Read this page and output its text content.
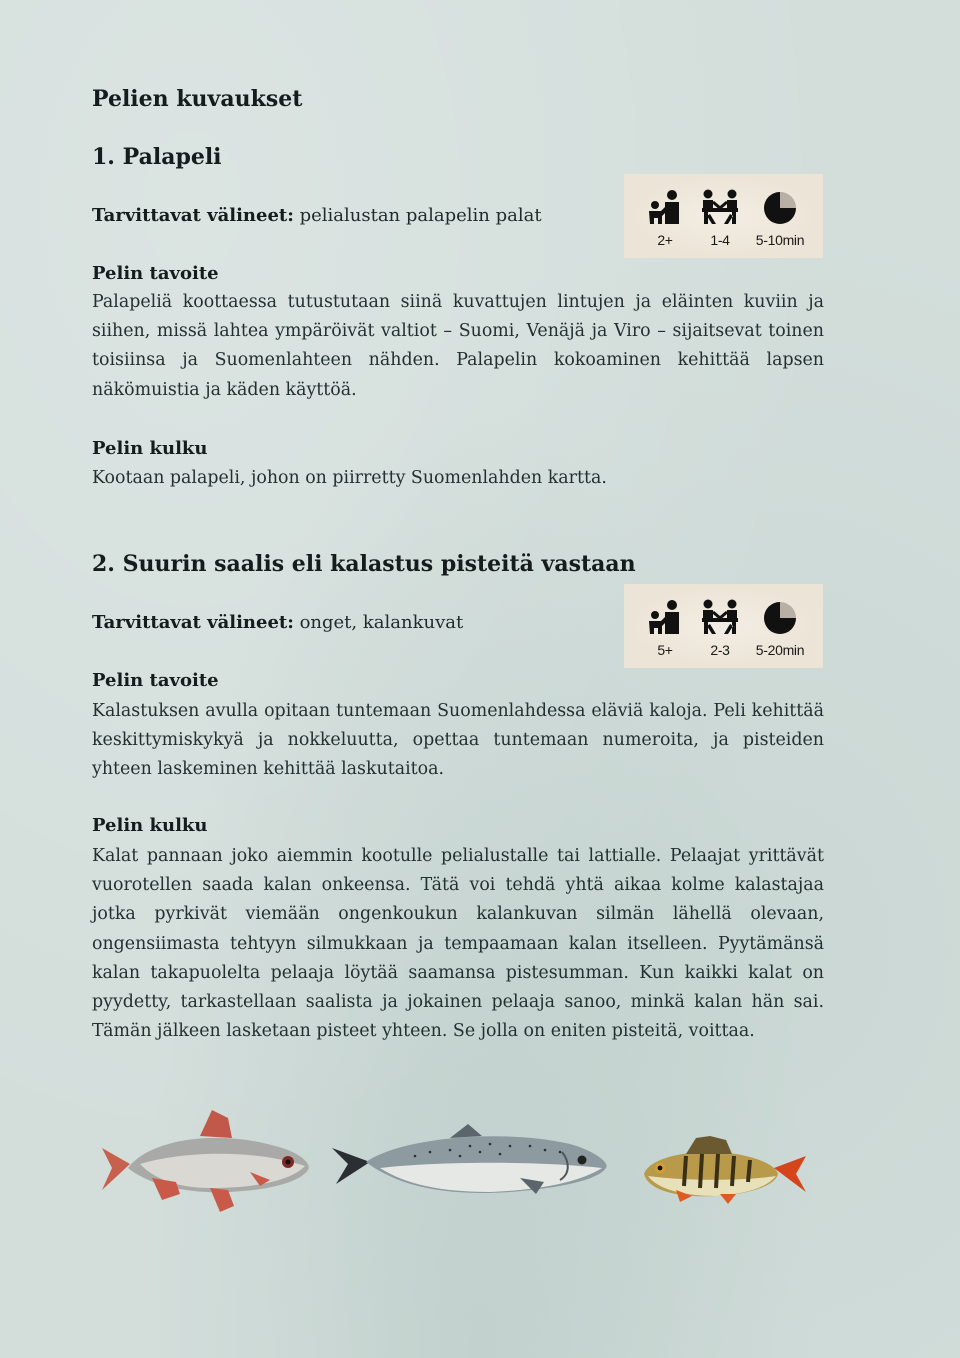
Pelien kuvaukset
1. Palapeli

Tarvittavat välineet: pelialustan palapelin palat

2+	1-4	5-10min
Pelin tavoite

Palapeliä koottaessa tutustutaan siinä kuvattujen lintujen ja eläinten kuviin ja siihen, missä lahtea ympäröivät valtiot – Suomi, Venäjä ja Viro – sijaitsevat toinen toisiinsa ja Suomenlahteen nähden. Palapelin kokoaminen kehittää lapsen näkömuistia ja käden käyttöä.

Pelin kulku

Kootaan palapeli, johon on piirretty Suomenlahden kartta.

2. Suurin saalis eli kalastus pisteitä vastaan

Tarvittavat välineet: onget, kalankuvat

5+	2-3	5-20min
Pelin tavoite

Kalastuksen avulla opitaan tuntemaan Suomenlahdessa eläviä kaloja. Peli kehittää keskittymiskykyä ja nokkeluutta, opettaa tuntemaan numeroita, ja pisteiden yhteen laskeminen kehittää laskutaitoa.

Pelin kulku

Kalat pannaan joko aiemmin kootulle pelialustalle tai lattialle. Pelaajat yrittävät vuorotellen saada kalan onkeensa. Tätä voi tehdä yhtä aikaa kolme kalastajaa jotka pyrkivät viemään ongenkoukun kalankuvan silmän lähellä olevaan, ongensiimasta tehtyyn silmukkaan ja tempaamaan kalan itselleen. Pyytämänsä kalan takapuolelta pelaaja löytää saamansa pistesumman. Kun kaikki kalat on pyydetty, tarkastellaan saalista ja jokainen pelaaja sanoo, minkä kalan hän sai. Tämän jälkeen lasketaan pisteet yhteen. Se jolla on eniten pisteitä, voittaa.
